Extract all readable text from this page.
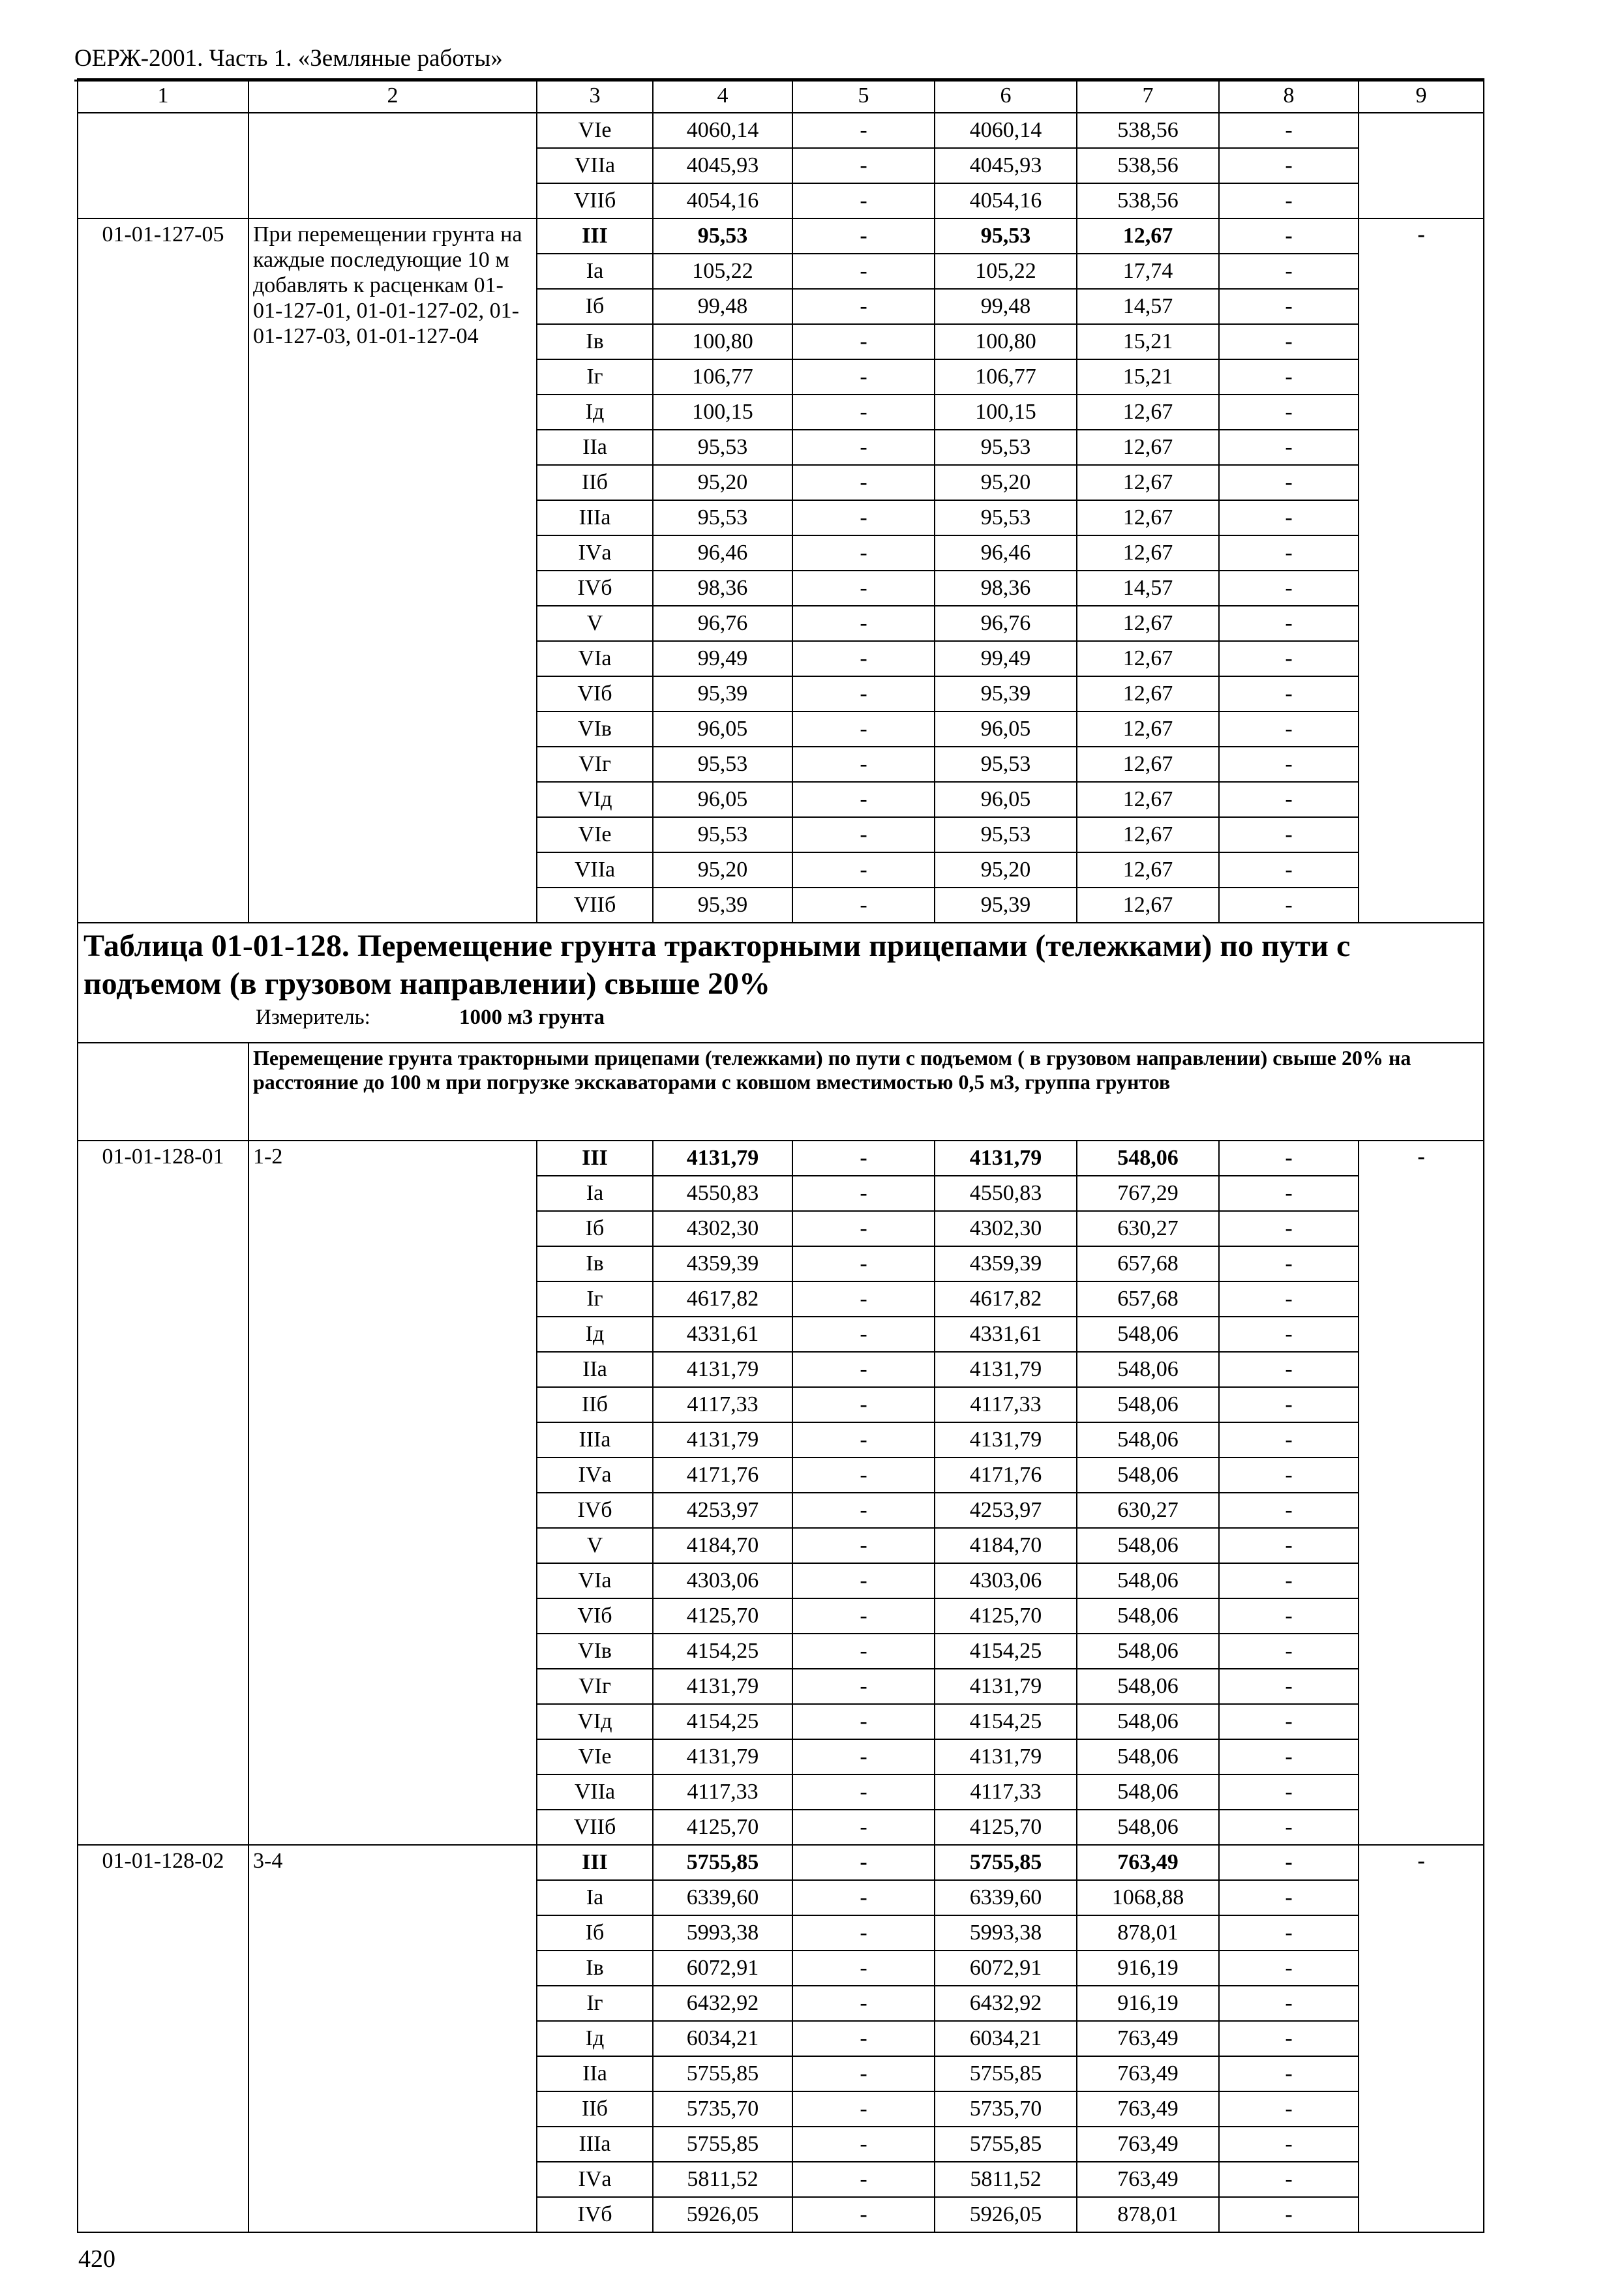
ОЕРЖ-2001. Часть 1. «Земляные работы»
1	2	3	4	5	6	7	8	9
		VIе	4060,14	-	4060,14	538,56	-	
		VIIа	4045,93	-	4045,93	538,56	-	
		VIIб	4054,16	-	4054,16	538,56	-	
01-01-127-05	При перемещении грунта на каждые последующие 10 м добавлять к расценкам 01-01-127-01, 01-01-127-02, 01-01-127-03, 01-01-127-04	III	95,53	-	95,53	12,67	-	-
		Iа	105,22	-	105,22	17,74	-	
		Iб	99,48	-	99,48	14,57	-	
		Iв	100,80	-	100,80	15,21	-	
		Iг	106,77	-	106,77	15,21	-	
		Iд	100,15	-	100,15	12,67	-	
		IIа	95,53	-	95,53	12,67	-	
		IIб	95,20	-	95,20	12,67	-	
		IIIа	95,53	-	95,53	12,67	-	
		IVа	96,46	-	96,46	12,67	-	
		IVб	98,36	-	98,36	14,57	-	
		V	96,76	-	96,76	12,67	-	
		VIа	99,49	-	99,49	12,67	-	
		VIб	95,39	-	95,39	12,67	-	
		VIв	96,05	-	96,05	12,67	-	
		VIг	95,53	-	95,53	12,67	-	
		VIд	96,05	-	96,05	12,67	-	
		VIе	95,53	-	95,53	12,67	-	
		VIIа	95,20	-	95,20	12,67	-	
		VIIб	95,39	-	95,39	12,67	-	

Таблица 01-01-128. Перемещение грунта тракторными прицепами (тележками) по пути с подъемом (в грузовом направлении) свыше 20%
Измеритель: 1000 м3 грунта								

	Перемещение грунта тракторными прицепами (тележками) по пути с подъемом ( в грузовом направлении) свыше 20% на расстояние до 100 м при погрузке экскаваторами с ковшом вместимостью 0,5 м3, группа грунтов							
01-01-128-01	1-2	III	4131,79	-	4131,79	548,06	-	-
		Iа	4550,83	-	4550,83	767,29	-	
		Iб	4302,30	-	4302,30	630,27	-	
		Iв	4359,39	-	4359,39	657,68	-	
		Iг	4617,82	-	4617,82	657,68	-	
		Iд	4331,61	-	4331,61	548,06	-	
		IIа	4131,79	-	4131,79	548,06	-	
		IIб	4117,33	-	4117,33	548,06	-	
		IIIа	4131,79	-	4131,79	548,06	-	
		IVа	4171,76	-	4171,76	548,06	-	
		IVб	4253,97	-	4253,97	630,27	-	
		V	4184,70	-	4184,70	548,06	-	
		VIа	4303,06	-	4303,06	548,06	-	
		VIб	4125,70	-	4125,70	548,06	-	
		VIв	4154,25	-	4154,25	548,06	-	
		VIг	4131,79	-	4131,79	548,06	-	
		VIд	4154,25	-	4154,25	548,06	-	
		VIе	4131,79	-	4131,79	548,06	-	
		VIIа	4117,33	-	4117,33	548,06	-	
		VIIб	4125,70	-	4125,70	548,06	-	
01-01-128-02	3-4	III	5755,85	-	5755,85	763,49	-	-
		Iа	6339,60	-	6339,60	1068,88	-	
		Iб	5993,38	-	5993,38	878,01	-	
		Iв	6072,91	-	6072,91	916,19	-	
		Iг	6432,92	-	6432,92	916,19	-	
		Iд	6034,21	-	6034,21	763,49	-	
		IIа	5755,85	-	5755,85	763,49	-	
		IIб	5735,70	-	5735,70	763,49	-	
		IIIа	5755,85	-	5755,85	763,49	-	
		IVа	5811,52	-	5811,52	763,49	-	
		IVб	5926,05	-	5926,05	878,01	-	
420
